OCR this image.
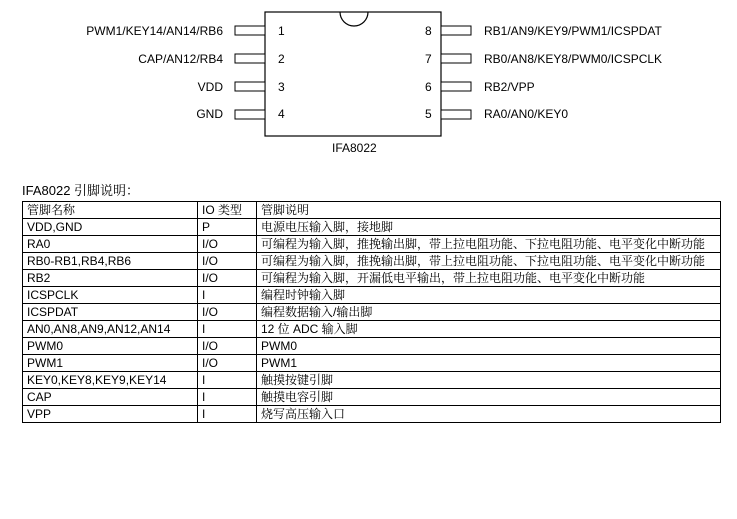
PWM1/KEY14/AN14/RB6
CAP/AN12/RB4
VDD
GND
1
2
3
4
8
7
6
5
RB1/AN9/KEY9/PWM1/ICSPDAT
RB0/AN8/KEY8/PWM0/ICSPCLK
RB2/VPP
RA0/AN0/KEY0
IFA8022
IFA8022 引脚说明：
管脚名称	IO 类型	管脚说明
VDD,GND	P	电源电压输入脚，接地脚
RA0	I/O	可编程为输入脚，推挽输出脚，带上拉电阻功能、下拉电阻功能、电平变化中断功能
RB0-RB1,RB4,RB6	I/O	可编程为输入脚，推挽输出脚，带上拉电阻功能、下拉电阻功能、电平变化中断功能
RB2	I/O	可编程为输入脚，开漏低电平输出，带上拉电阻功能、电平变化中断功能
ICSPCLK	I	编程时钟输入脚
ICSPDAT	I/O	编程数据输入/输出脚
AN0,AN8,AN9,AN12,AN14	I	12 位 ADC 输入脚
PWM0	I/O	PWM0
PWM1	I/O	PWM1
KEY0,KEY8,KEY9,KEY14	I	触摸按键引脚
CAP	I	触摸电容引脚
VPP	I	烧写高压输入口
